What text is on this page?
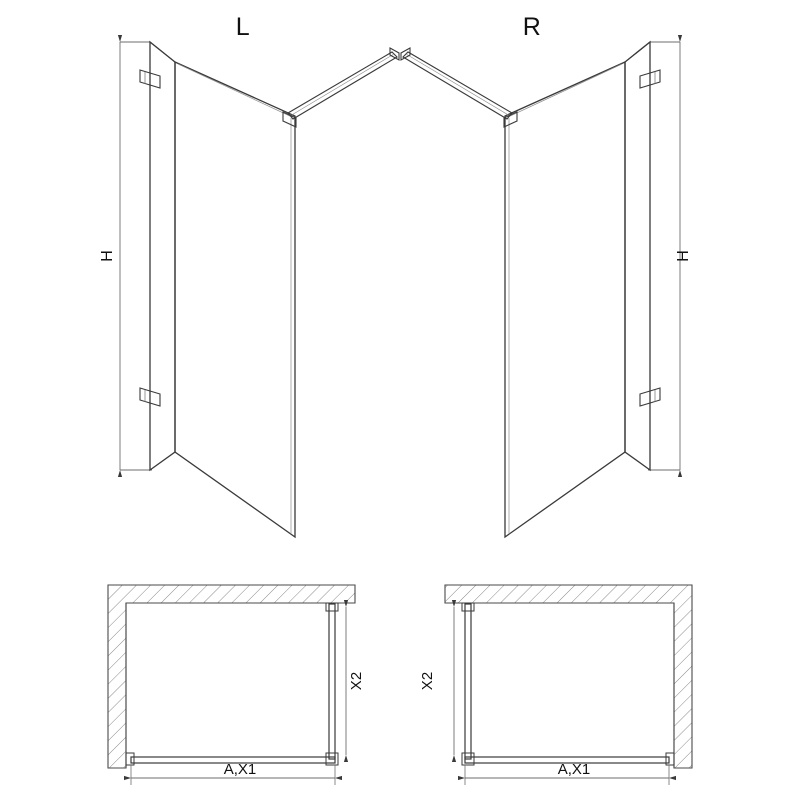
L
H
R
H
X2
A,X1
X2
A,X1
